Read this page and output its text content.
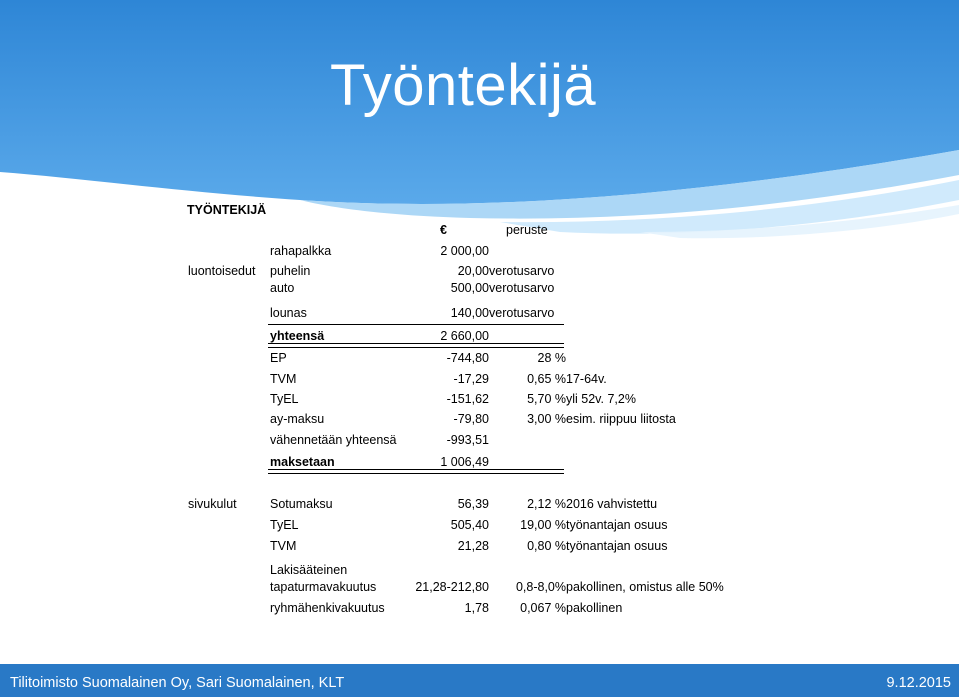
Työntekijä
TYÖNTEKIJÄ
€	peruste
rahapalkka	2 000,00
luontoisedut puhelin	20,00 verotusarvo
auto	500,00 verotusarvo
lounas	140,00 verotusarvo
yhteensä	2 660,00
EP	-744,80	28 %
TVM	-17,29	0,65 % 17-64v.
TyEL	-151,62	5,70 % yli 52v. 7,2%
ay-maksu	-79,80	3,00 % esim. riippuu liitosta
vähennetään yhteensä	-993,51
maksetaan	1 006,49
sivukulut	Sotumaksu	56,39	2,12 % 2016 vahvistettu
TyEL	505,40	19,00 % työnantajan osuus
TVM	21,28	0,80 % työnantajan osuus
Lakisääteinen
tapaturmavakuutus	21,28-212,80	0,8-8,0% pakollinen, omistus alle 50%
ryhmähenkivakuutus	1,78	0,067 % pakollinen
Tilitoimisto Suomalainen Oy, Sari Suomalainen, KLT	9.12.2015
